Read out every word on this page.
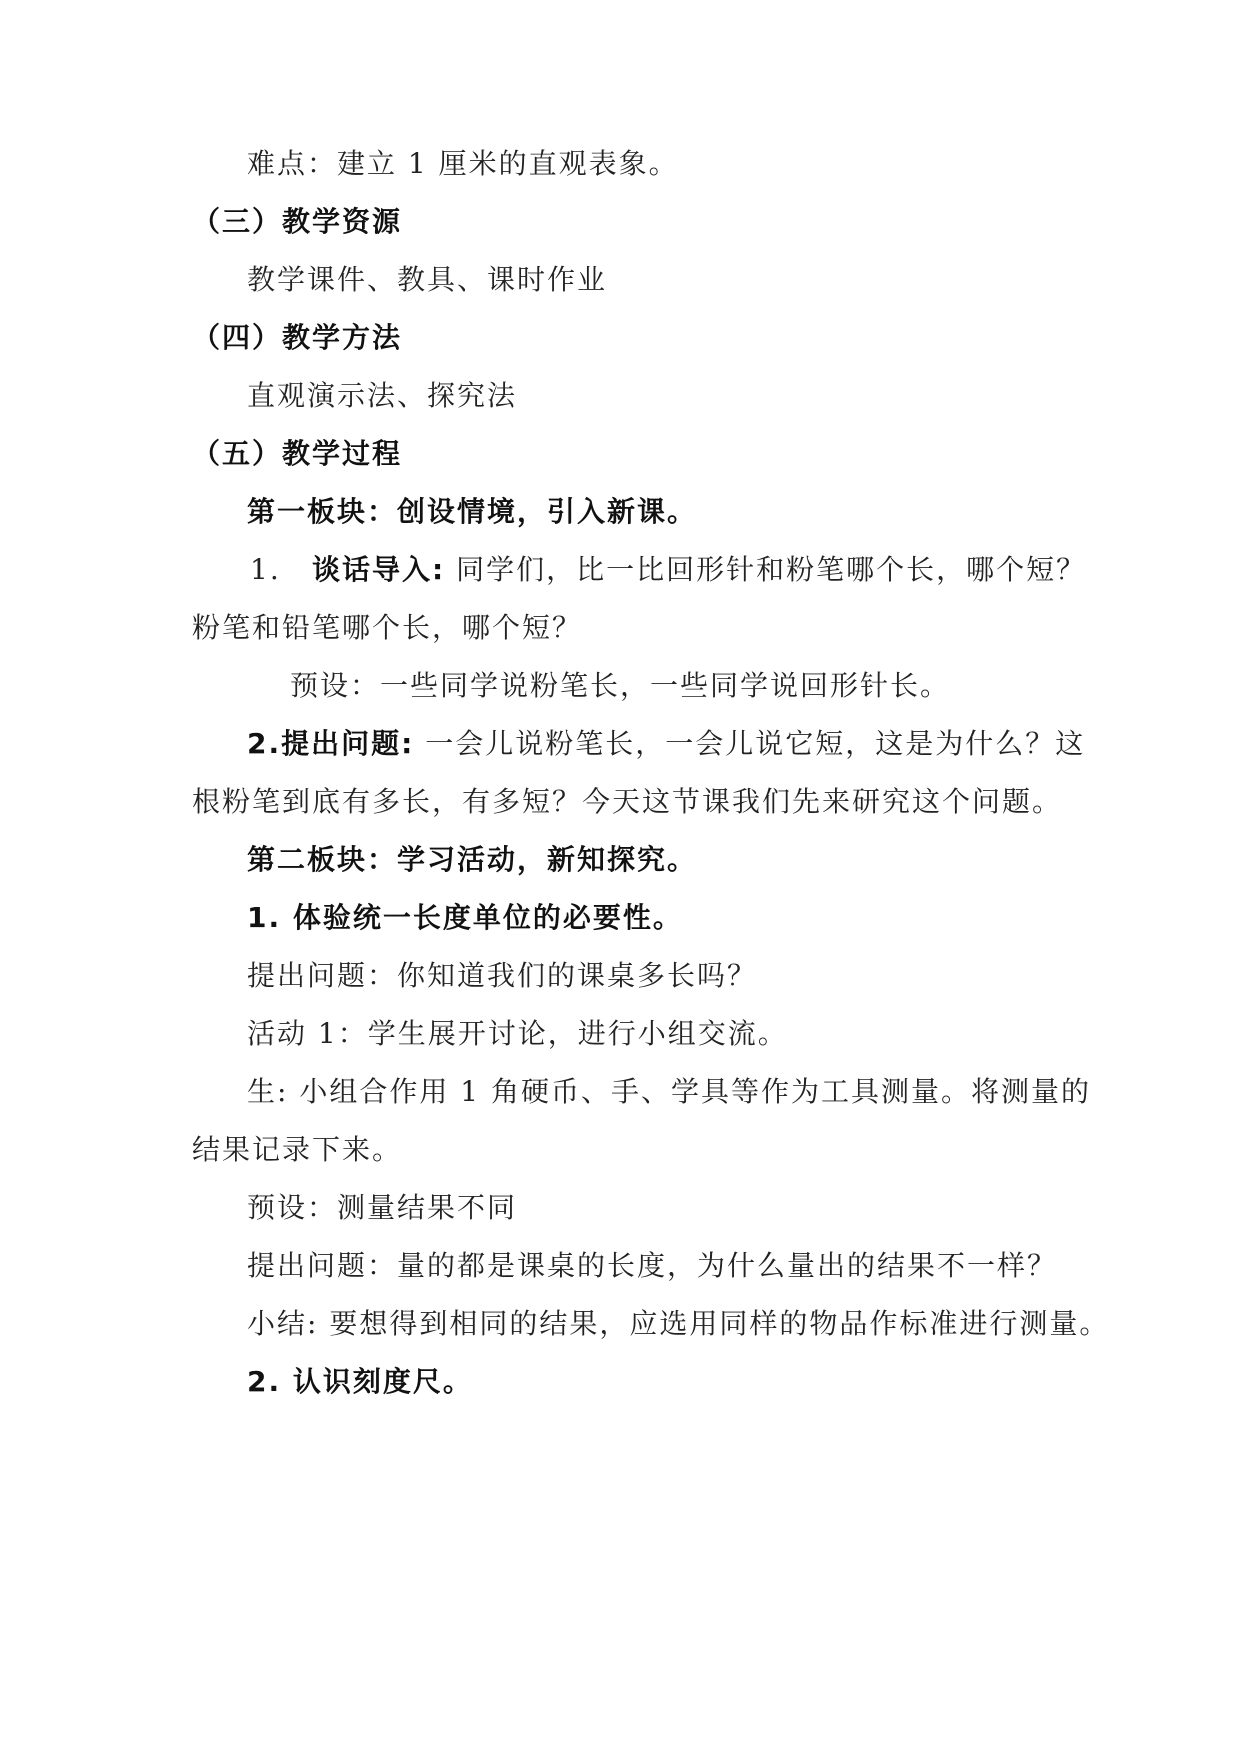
难点：建立 1 厘米的直观表象。
（三）教学资源
教学课件、教具、课时作业
（四）教学方法
直观演示法、探究法
（五）教学过程
第一板块：创设情境，引入新课。
1. 谈话导入: 同学们，比一比回形针和粉笔哪个长，哪个短？
粉笔和铅笔哪个长，哪个短？
预设：一些同学说粉笔长，一些同学说回形针长。
2.提出问题: 一会儿说粉笔长，一会儿说它短，这是为什么？这
根粉笔到底有多长，有多短？今天这节课我们先来研究这个问题。
第二板块：学习活动，新知探究。
1. 体验统一长度单位的必要性。
提出问题：你知道我们的课桌多长吗？
活动 1：学生展开讨论，进行小组交流。
生: 小组合作用 1 角硬币、手、学具等作为工具测量。将测量的
结果记录下来。
预设：测量结果不同
提出问题：量的都是课桌的长度，为什么量出的结果不一样？
小结: 要想得到相同的结果，应选用同样的物品作标准进行测量。
2. 认识刻度尺。
